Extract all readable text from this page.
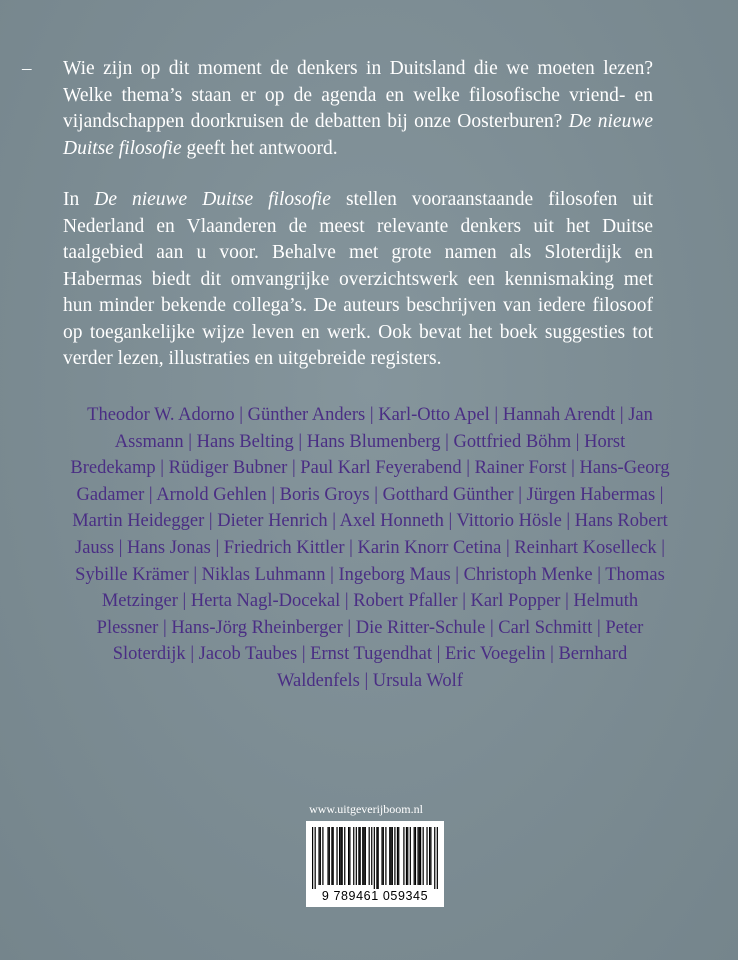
– Wie zijn op dit moment de denkers in Duitsland die we moeten lezen? Welke thema’s staan er op de agenda en welke filosofische vriend- en vijandschappen doorkruisen de debatten bij onze Oosterburen? De nieuwe Duitse filosofie geeft het antwoord.

In De nieuwe Duitse filosofie stellen vooraanstaande filosofen uit Nederland en Vlaanderen de meest relevante denkers uit het Duitse taalgebied aan u voor. Behalve met grote namen als Sloterdijk en Habermas biedt dit omvangrijke overzichtswerk een kennismaking met hun minder bekende collega’s. De auteurs beschrijven van iedere filosoof op toegankelijke wijze leven en werk. Ook bevat het boek suggesties tot verder lezen, illustraties en uitgebreide registers.

Theodor W. Adorno | Günther Anders | Karl-Otto Apel | Hannah Arendt | Jan Assmann | Hans Belting | Hans Blumenberg | Gottfried Böhm | Horst Bredekamp | Rüdiger Bubner | Paul Karl Feyerabend | Rainer Forst | Hans-Georg Gadamer | Arnold Gehlen | Boris Groys | Gotthard Günther | Jürgen Habermas| Martin Heidegger | Dieter Henrich | Axel Honneth | Vittorio Hösle | Hans Robert Jauss | Hans Jonas | Friedrich Kittler | Karin Knorr Cetina | Reinhart Koselleck| Sybille Krämer | Niklas Luhmann | Ingeborg Maus | Christoph Menke | Thomas Metzinger | Herta Nagl-Docekal | Robert Pfaller | Karl Popper | Helmuth Plessner | Hans-Jörg Rheinberger | Die Ritter-Schule | Carl Schmitt | Peter Sloterdijk | Jacob Taubes | Ernst Tugendhat | Eric Voegelin | Bernhard Waldenfels | Ursula Wolf
www.uitgeverijboom.nl
9 789461 059345
